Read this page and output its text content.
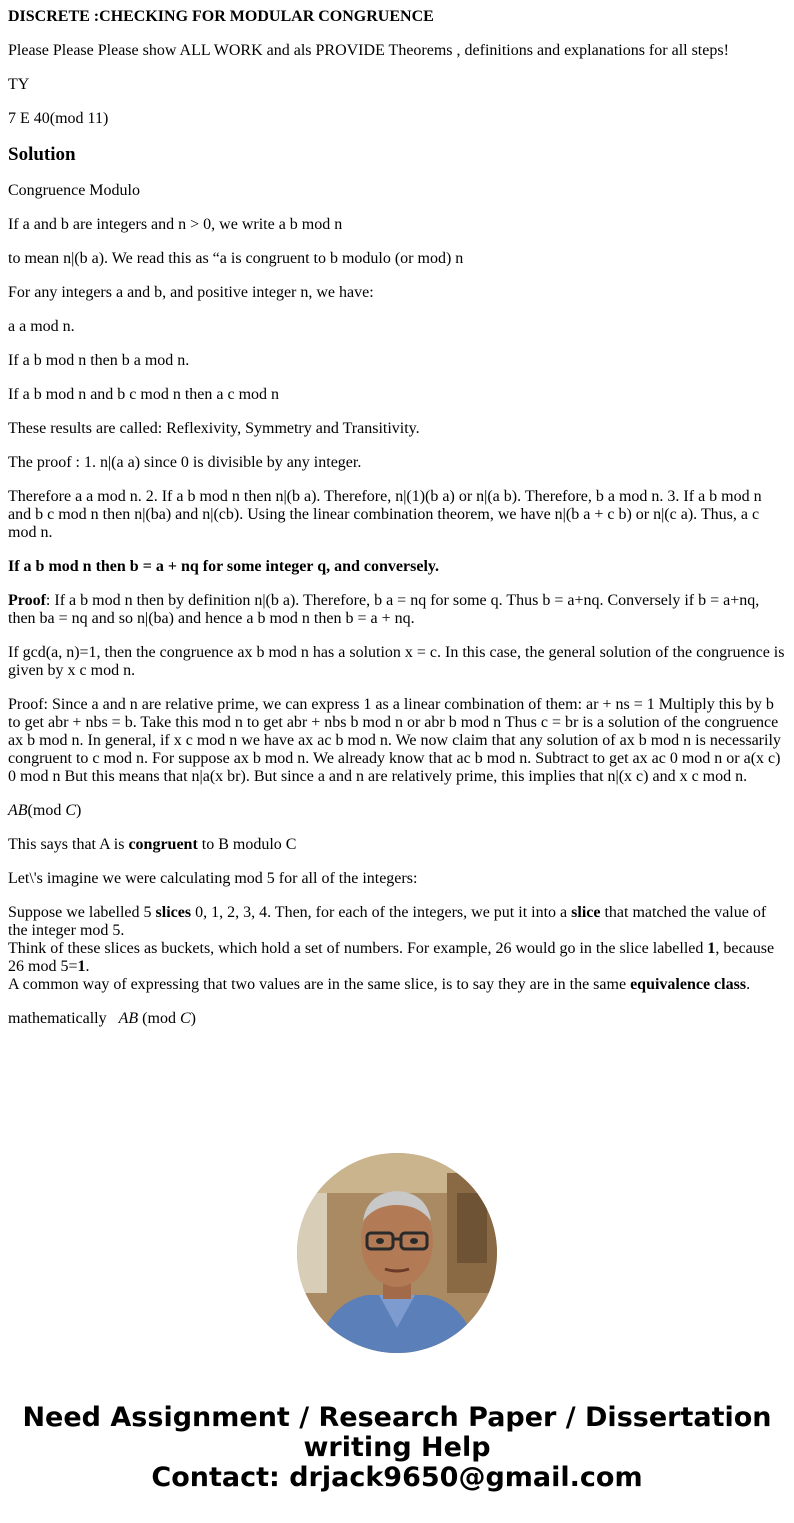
DISCRETE :CHECKING FOR MODULAR CONGRUENCE

Please Please Please show ALL WORK and als PROVIDE Theorems , definitions and explanations for all steps!

TY

7 E 40(mod 11)

Solution

Congruence Modulo

If a and b are integers and n > 0, we write a b mod n

to mean n|(b a). We read this as “a is congruent to b modulo (or mod) n

For any integers a and b, and positive integer n, we have:

a a mod n.

If a b mod n then b a mod n.

If a b mod n and b c mod n then a c mod n

These results are called: Reflexivity, Symmetry and Transitivity.

The proof : 1. n|(a a) since 0 is divisible by any integer.

Therefore a a mod n. 2. If a b mod n then n|(b a). Therefore, n|(1)(b a) or n|(a b). Therefore, b a mod n. 3. If a b mod n and b c mod n then n|(ba) and n|(cb). Using the linear combination theorem, we have n|(b a + c b) or n|(c a). Thus, a c mod n.

If a b mod n then b = a + nq for some integer q, and conversely.

Proof: If a b mod n then by definition n|(b a). Therefore, b a = nq for some q. Thus b = a+nq. Conversely if b = a+nq, then ba = nq and so n|(ba) and hence a b mod n then b = a + nq.

If gcd(a, n)=1, then the congruence ax b mod n has a solution x = c. In this case, the general solution of the congruence is given by x c mod n.

Proof: Since a and n are relative prime, we can express 1 as a linear combination of them: ar + ns = 1 Multiply this by b to get abr + nbs = b. Take this mod n to get abr + nbs b mod n or abr b mod n Thus c = br is a solution of the congruence ax b mod n. In general, if x c mod n we have ax ac b mod n. We now claim that any solution of ax b mod n is necessarily congruent to c mod n. For suppose ax b mod n. We already know that ac b mod n. Subtract to get ax ac 0 mod n or a(x c) 0 mod n But this means that n|a(x br). But since a and n are relatively prime, this implies that n|(x c) and x c mod n.

AB(mod C)

This says that A is congruent to B modulo C

Let\'s imagine we were calculating mod 5 for all of the integers:

Suppose we labelled 5 slices 0, 1, 2, 3, 4. Then, for each of the integers, we put it into a slice that matched the value of the integer mod 5.
Think of these slices as buckets, which hold a set of numbers. For example, 26 would go in the slice labelled 1, because 26 mod 5=1.
A common way of expressing that two values are in the same slice, is to say they are in the same equivalence class.

mathematically   AB (mod C)

Need Assignment / Research Paper / Dissertation
writing Help
Contact: drjack9650@gmail.com
